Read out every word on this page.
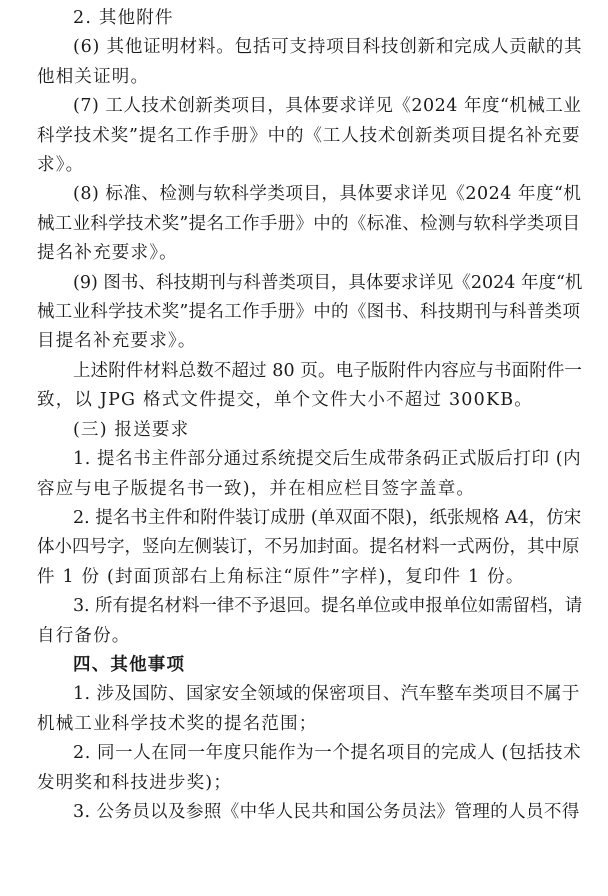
2. 其他附件
(6) 其他证明材料。包括可支持项目科技创新和完成人贡献的其
他相关证明。
(7) 工人技术创新类项目，具体要求详见《2024 年度“机械工业
科学技术奖”提名工作手册》中的《工人技术创新类项目提名补充要
求》。
(8) 标准、检测与软科学类项目，具体要求详见《2024 年度“机
械工业科学技术奖”提名工作手册》中的《标准、检测与软科学类项目
提名补充要求》。
(9) 图书、科技期刊与科普类项目，具体要求详见《2024 年度“机
械工业科学技术奖”提名工作手册》中的《图书、科技期刊与科普类项
目提名补充要求》。
上述附件材料总数不超过 80 页。电子版附件内容应与书面附件一
致，以 JPG 格式文件提交，单个文件大小不超过 300KB。
(三) 报送要求
1. 提名书主件部分通过系统提交后生成带条码正式版后打印 (内
容应与电子版提名书一致)，并在相应栏目签字盖章。
2. 提名书主件和附件装订成册 (单双面不限)，纸张规格 A4，仿宋
体小四号字，竖向左侧装订，不另加封面。提名材料一式两份，其中原
件 1 份 (封面顶部右上角标注“原件”字样)，复印件 1 份。
3. 所有提名材料一律不予退回。提名单位或申报单位如需留档，请
自行备份。
四、其他事项
1. 涉及国防、国家安全领域的保密项目、汽车整车类项目不属于
机械工业科学技术奖的提名范围；
2. 同一人在同一年度只能作为一个提名项目的完成人 (包括技术
发明奖和科技进步奖)；
3. 公务员以及参照《中华人民共和国公务员法》管理的人员不得
